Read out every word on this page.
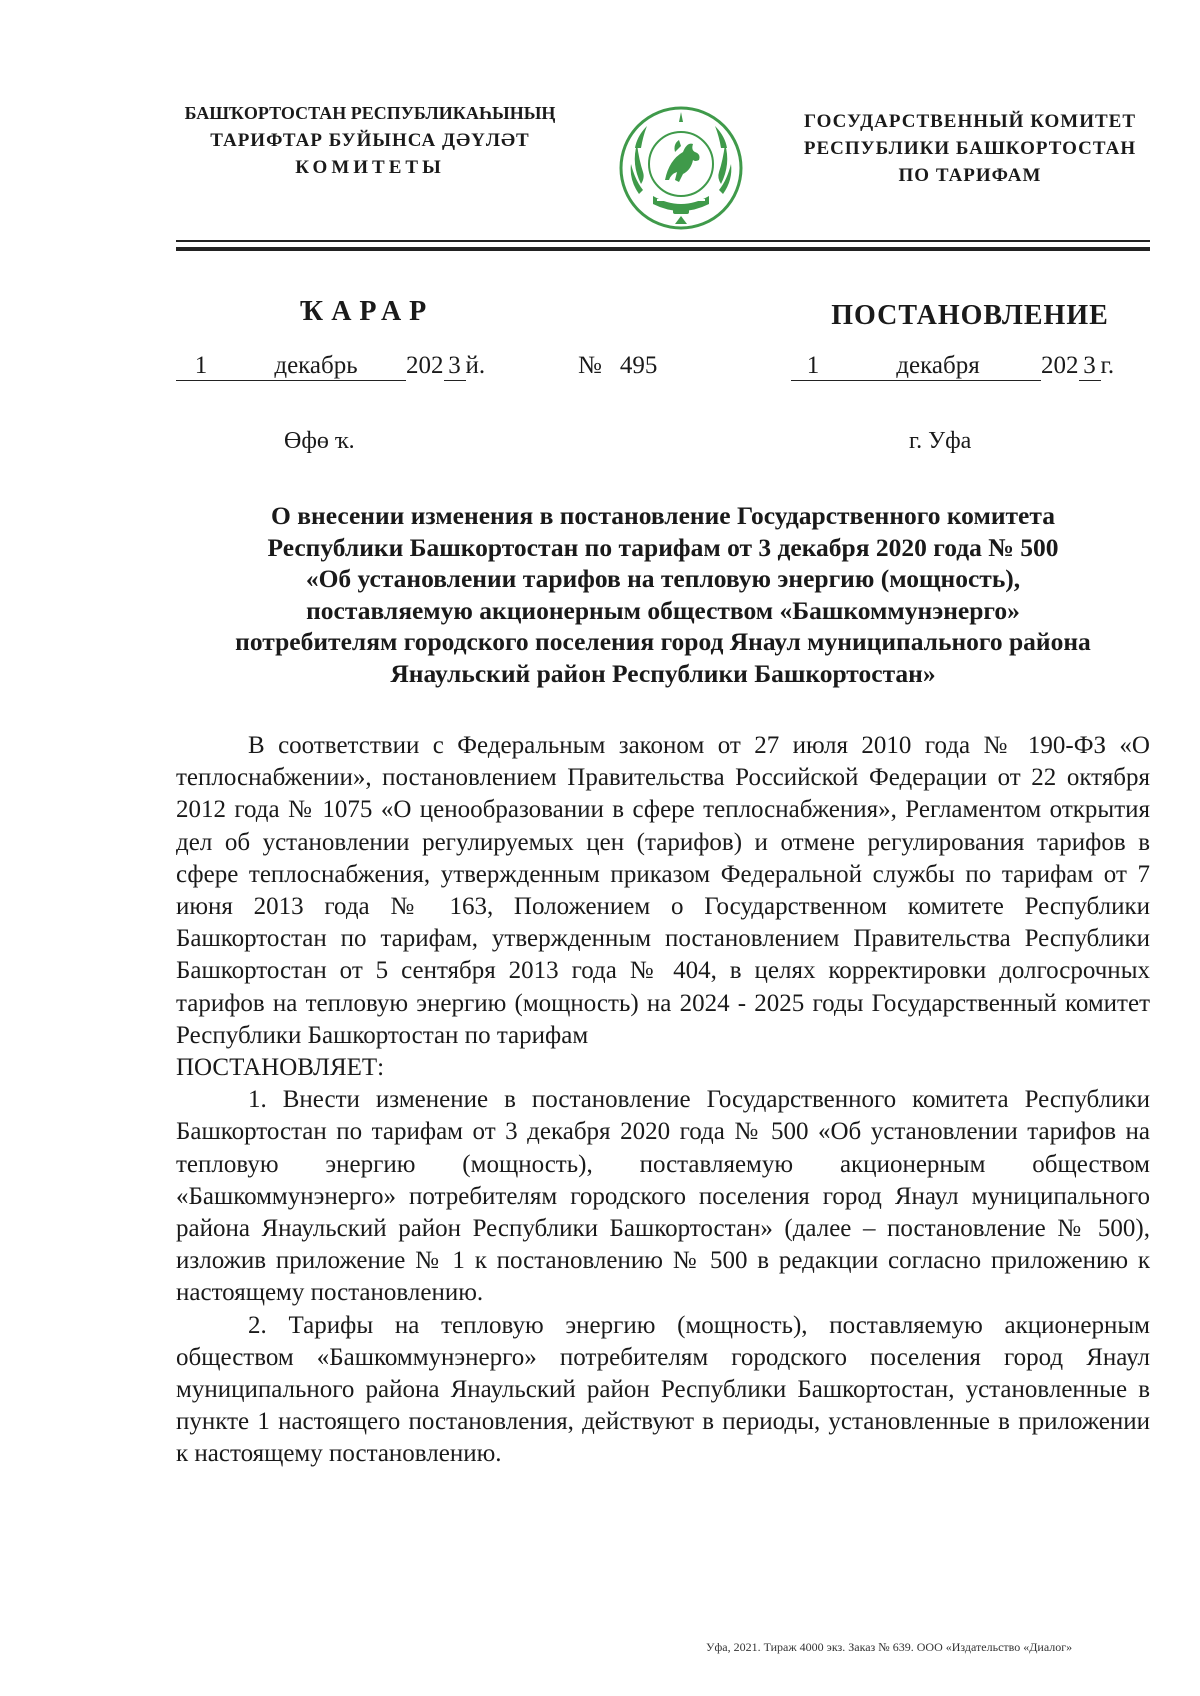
БАШҠОРТОСТАН РЕСПУБЛИКАҺЫНЫҢ
ТАРИФТАР БУЙЫНСА ДӘҮЛӘТ
КОМИТЕТЫ
ГОСУДАРСТВЕННЫЙ КОМИТЕТ
РЕСПУБЛИКИ БАШКОРТОСТАН
ПО ТАРИФАМ
ҠАРАР	ПОСТАНОВЛЕНИЕ
1	декабрь 202 3 й.	№ 495	1	декабря 202 3 г.
Өфө ҡ.	г. Уфа
О внесении изменения в постановление Государственного комитета
Республики Башкортостан по тарифам от 3 декабря 2020 года № 500
«Об установлении тарифов на тепловую энергию (мощность),
поставляемую акционерным обществом «Башкоммунэнерго»
потребителям городского поселения город Янаул муниципального района
Янаульский район Республики Башкортостан»

В соответствии с Федеральным законом от 27 июля 2010 года № 190-ФЗ «О теплоснабжении», постановлением Правительства Российской Федерации от 22 октября 2012 года № 1075 «О ценообразовании в сфере теплоснабжения», Регламентом открытия дел об установлении регулируемых цен (тарифов) и отмене регулирования тарифов в сфере теплоснабжения, утвержденным приказом Федеральной службы по тарифам от 7 июня 2013 года № 163, Положением о Государственном комитете Республики Башкортостан по тарифам, утвержденным постановлением Правительства Республики Башкортостан от 5 сентября 2013 года № 404, в целях корректировки долгосрочных тарифов на тепловую энергию (мощность) на 2024 - 2025 годы Государственный комитет Республики Башкортостан по тарифам

ПОСТАНОВЛЯЕТ:

1. Внести изменение в постановление Государственного комитета Республики Башкортостан по тарифам от 3 декабря 2020 года № 500 «Об установлении тарифов на тепловую энергию (мощность), поставляемую акционерным обществом «Башкоммунэнерго» потребителям городского поселения город Янаул муниципального района Янаульский район Республики Башкортостан» (далее – постановление № 500), изложив приложение № 1 к постановлению № 500 в редакции согласно приложению к настоящему постановлению.

2. Тарифы на тепловую энергию (мощность), поставляемую акционерным обществом «Башкоммунэнерго» потребителям городского поселения город Янаул муниципального района Янаульский район Республики Башкортостан, установленные в пункте 1 настоящего постановления, действуют в периоды, установленные в приложении к настоящему постановлению.

Уфа, 2021. Тираж 4000 экз. Заказ № 639. ООО «Издательство «Диалог»
